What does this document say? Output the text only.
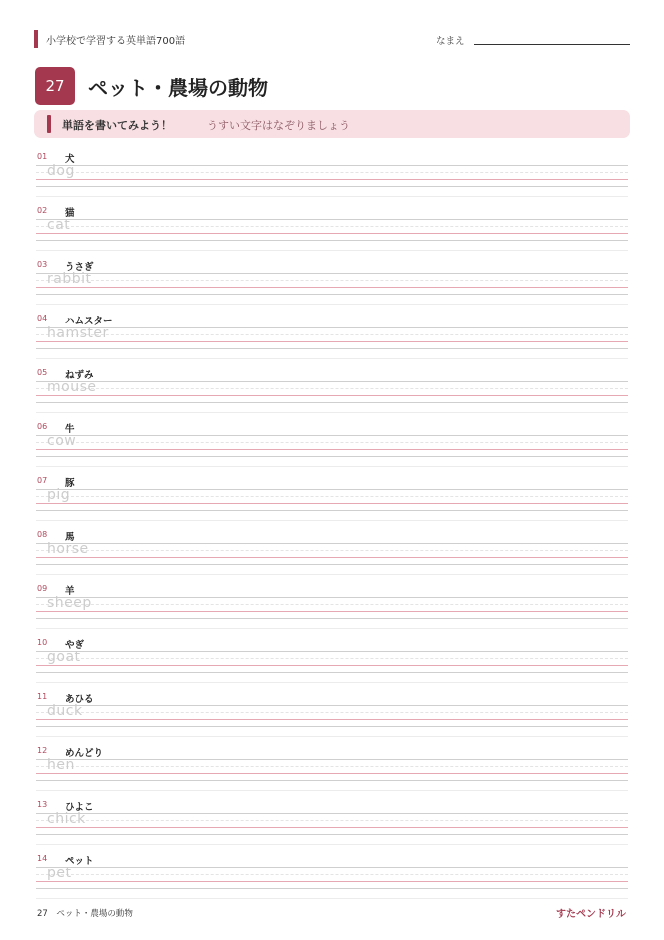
小学校で学習する英単語700語	なまえ
27	ペット・農場の動物
単語を書いてみよう！	うすい文字はなぞりましょう
01 犬
dog
02 猫
cat
03 うさぎ
rabbit
04 ハムスター
hamster
05 ねずみ
mouse
06 牛
cow
07 豚
pig
08 馬
horse
09 羊
sheep
10 やぎ
goat
11 あひる
duck
12 めんどり
hen
13 ひよこ
chick
14 ペット
pet
27　ペット・農場の動物	すたペンドリル
